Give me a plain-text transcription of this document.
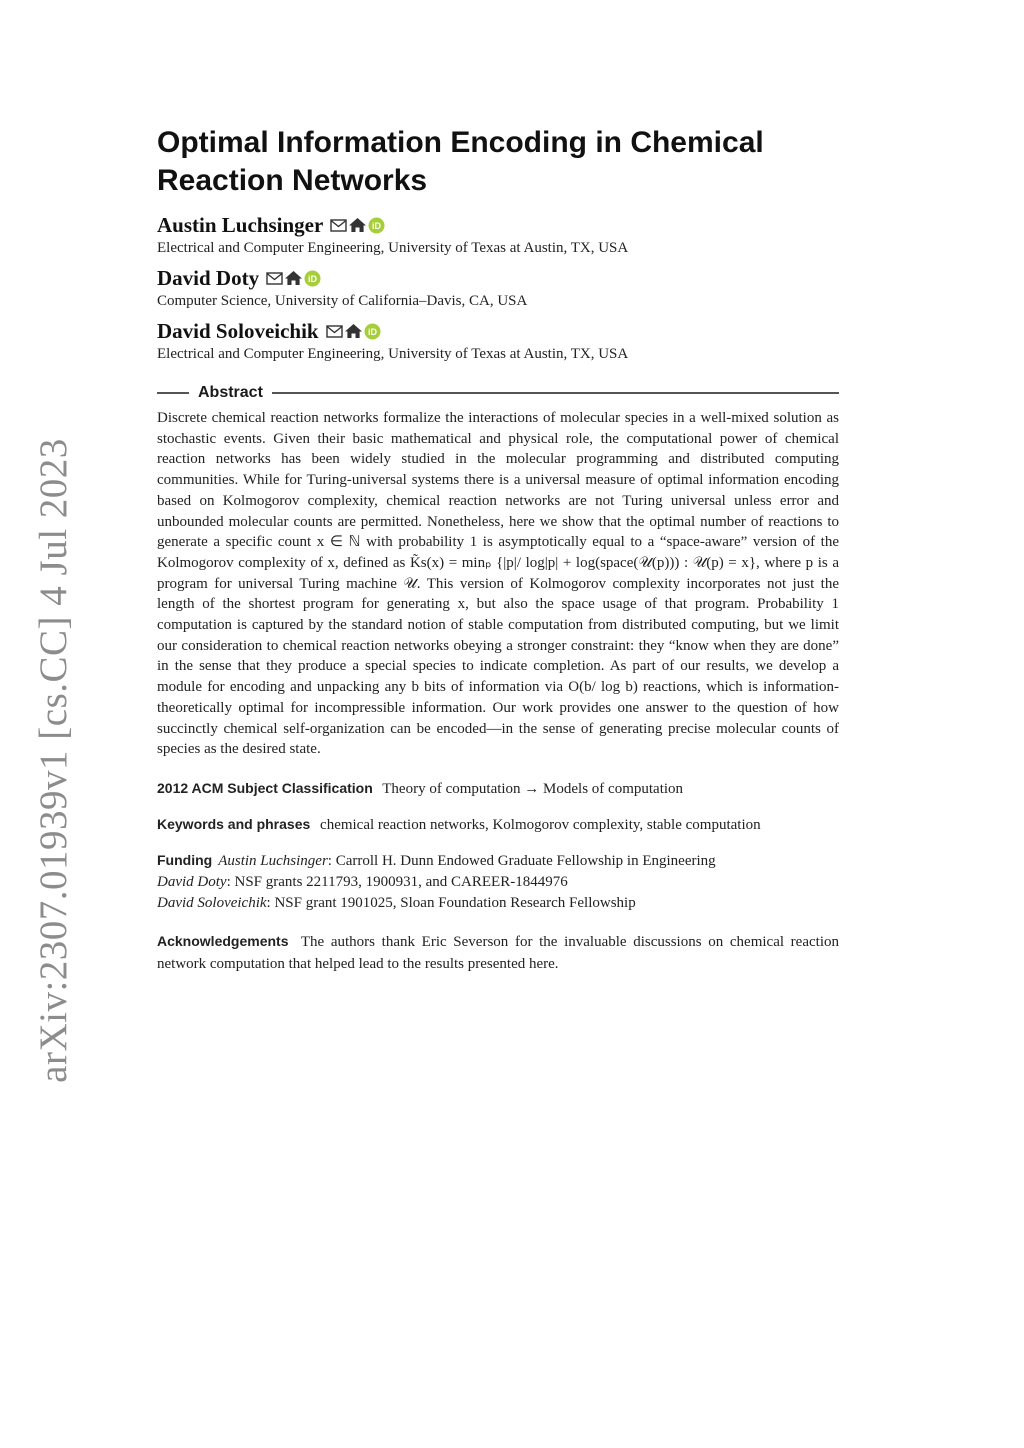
arXiv:2307.01939v1 [cs.CC] 4 Jul 2023
Optimal Information Encoding in Chemical
Reaction Networks
Austin Luchsinger	iD
Electrical and Computer Engineering, University of Texas at Austin, TX, USA
David Doty	iD
Computer Science, University of California–Davis, CA, USA
David Soloveichik	iD
Electrical and Computer Engineering, University of Texas at Austin, TX, USA
Abstract

Discrete chemical reaction networks formalize the interactions of molecular species in a well-mixed solution as stochastic events. Given their basic mathematical and physical role, the computational power of chemical reaction networks has been widely studied in the molecular programming and distributed computing communities. While for Turing-universal systems there is a universal measure of optimal information encoding based on Kolmogorov complexity, chemical reaction networks are not Turing universal unless error and unbounded molecular counts are permitted. Nonetheless, here we show that the optimal number of reactions to generate a specific count x ∈ ℕ with probability 1 is asymptotically equal to a “space-aware” version of the Kolmogorov complexity of x, defined as K̃s(x) = minₚ {|p|/ log|p| + log(space(𝒰(p))) : 𝒰(p) = x}, where p is a program for universal Turing machine 𝒰. This version of Kolmogorov complexity incorporates not just the length of the shortest program for generating x, but also the space usage of that program. Probability 1 computation is captured by the standard notion of stable computation from distributed computing, but we limit our consideration to chemical reaction networks obeying a stronger constraint: they “know when they are done” in the sense that they produce a special species to indicate completion. As part of our results, we develop a module for encoding and unpacking any b bits of information via O(b/ log b) reactions, which is information-theoretically optimal for incompressible information. Our work provides one answer to the question of how succinctly chemical self-organization can be encoded—in the sense of generating precise molecular counts of species as the desired state.

2012 ACM Subject Classification Theory of computation → Models of computation
Keywords and phrases chemical reaction networks, Kolmogorov complexity, stable computation
Funding Austin Luchsinger: Carroll H. Dunn Endowed Graduate Fellowship in Engineering
David Doty: NSF grants 2211793, 1900931, and CAREER-1844976
David Soloveichik: NSF grant 1901025, Sloan Foundation Research Fellowship
Acknowledgements The authors thank Eric Severson for the invaluable discussions on chemical reaction network computation that helped lead to the results presented here.
